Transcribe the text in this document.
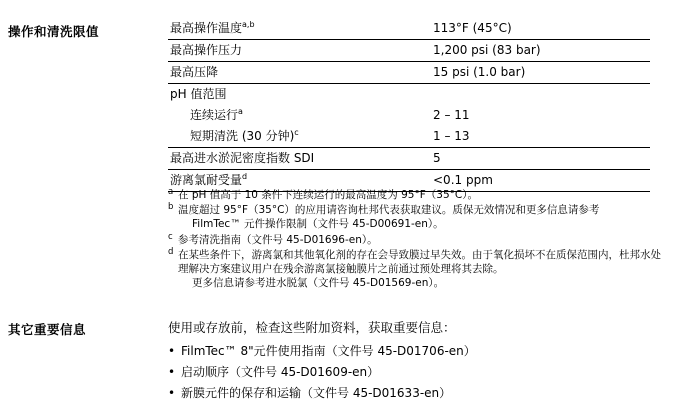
操作和清洗限值	最高操作温度$^{a,b}$	113°F (45°C)
最高操作压力	1,200 psi (83 bar)
最高压降	15 psi (1.0 bar)
pH 值范围	
连续运行$^a$	2 – 11
短期清洗 (30 分钟)$^c$	1 – 13
最高进水淤泥密度指数 SDI	5
游离氯耐受量$^d$	<0.1 ppm
a 在 pH 值高于 10 条件下连续运行的最高温度为 95°F（35°C）。
b 温度超过 95°F（35°C）的应用请咨询杜邦代表获取建议。质保无效情况和更多信息请参考
FilmTec™ 元件操作限制（文件号 45-D00691-en）。
c 参考清洗指南（文件号 45-D01696-en）。
d 在某些条件下，游离氯和其他氧化剂的存在会导致膜过早失效。由于氧化损坏不在质保范围内，杜邦水处理解决方案建议用户在残余游离氯接触膜片之前通过预处理将其去除。
更多信息请参考进水脱氯（文件号 45-D01569-en）。
其它重要信息	使用或存放前，检查这些附加资料，获取重要信息：
• FilmTec™ 8"元件使用指南（文件号 45-D01706-en）
• 启动顺序（文件号 45-D01609-en）
• 新膜元件的保存和运输（文件号 45-D01633-en）
